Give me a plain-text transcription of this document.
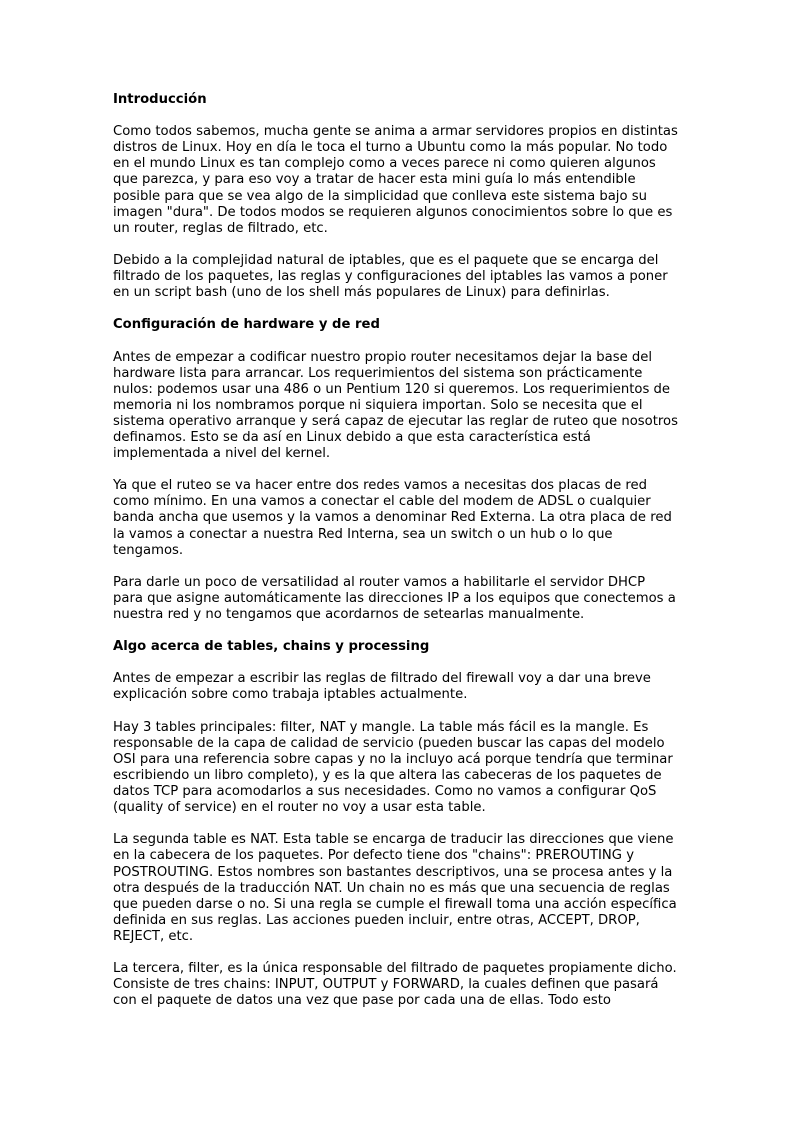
Introducción

Como todos sabemos, mucha gente se anima a armar servidores propios en distintas distros de Linux. Hoy en día le toca el turno a Ubuntu como la más popular. No todo en el mundo Linux es tan complejo como a veces parece ni como quieren algunos que parezca, y para eso voy a tratar de hacer esta mini guía lo más entendible posible para que se vea algo de la simplicidad que conlleva este sistema bajo su imagen "dura". De todos modos se requieren algunos conocimientos sobre lo que es un router, reglas de filtrado, etc.

Debido a la complejidad natural de iptables, que es el paquete que se encarga del filtrado de los paquetes, las reglas y configuraciones del iptables las vamos a poner en un script bash (uno de los shell más populares de Linux) para definirlas.

Configuración de hardware y de red

Antes de empezar a codificar nuestro propio router necesitamos dejar la base del hardware lista para arrancar. Los requerimientos del sistema son prácticamente nulos: podemos usar una 486 o un Pentium 120 si queremos. Los requerimientos de memoria ni los nombramos porque ni siquiera importan. Solo se necesita que el sistema operativo arranque y será capaz de ejecutar las reglar de ruteo que nosotros definamos. Esto se da así en Linux debido a que esta característica está implementada a nivel del kernel.

Ya que el ruteo se va hacer entre dos redes vamos a necesitas dos placas de red como mínimo. En una vamos a conectar el cable del modem de ADSL o cualquier banda ancha que usemos y la vamos a denominar Red Externa. La otra placa de red la vamos a conectar a nuestra Red Interna, sea un switch o un hub o lo que tengamos.

Para darle un poco de versatilidad al router vamos a habilitarle el servidor DHCP para que asigne automáticamente las direcciones IP a los equipos que conectemos a nuestra red y no tengamos que acordarnos de setearlas manualmente.

Algo acerca de tables, chains y processing

Antes de empezar a escribir las reglas de filtrado del firewall voy a dar una breve explicación sobre como trabaja iptables actualmente.

Hay 3 tables principales: filter, NAT y mangle. La table más fácil es la mangle. Es responsable de la capa de calidad de servicio (pueden buscar las capas del modelo OSI para una referencia sobre capas y no la incluyo acá porque tendría que terminar escribiendo un libro completo), y es la que altera las cabeceras de los paquetes de datos TCP para acomodarlos a sus necesidades. Como no vamos a configurar QoS (quality of service) en el router no voy a usar esta table.

La segunda table es NAT. Esta table se encarga de traducir las direcciones que viene en la cabecera de los paquetes. Por defecto tiene dos "chains": PREROUTING y POSTROUTING. Estos nombres son bastantes descriptivos, una se procesa antes y la otra después de la traducción NAT. Un chain no es más que una secuencia de reglas que pueden darse o no. Si una regla se cumple el firewall toma una acción específica definida en sus reglas. Las acciones pueden incluir, entre otras, ACCEPT, DROP, REJECT, etc.

La tercera, filter, es la única responsable del filtrado de paquetes propiamente dicho. Consiste de tres chains: INPUT, OUTPUT y FORWARD, la cuales definen que pasará con el paquete de datos una vez que pase por cada una de ellas. Todo esto
